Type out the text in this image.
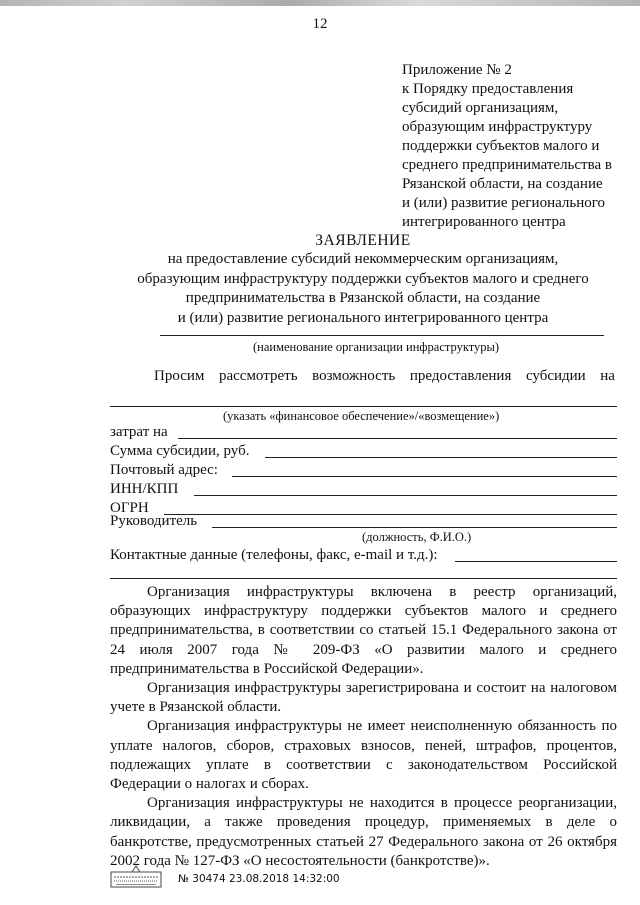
12
Приложение № 2
к Порядку предоставления
субсидий организациям,
образующим инфраструктуру
поддержки субъектов малого и
среднего предпринимательства в
Рязанской области, на создание
и (или) развитие регионального
интегрированного центра
ЗАЯВЛЕНИЕ
на предоставление субсидий некоммерческим организациям,
образующим инфраструктуру поддержки субъектов малого и среднего
предпринимательства в Рязанской области, на создание
и (или) развитие регионального интегрированного центра
(наименование организации инфраструктуры)
Просим рассмотреть возможность предоставления субсидии на
(указать «финансовое обеспечение»/«возмещение»)
затрат на
Сумма субсидии, руб.
Почтовый адрес:
ИНН/КПП
ОГРН
Руководитель
(должность, Ф.И.О.)
Контактные данные (телефоны, факс, e-mail и т.д.):

Организация инфраструктуры включена в реестр организаций, образующих инфраструктуру поддержки субъектов малого и среднего предпринимательства, в соответствии со статьей 15.1 Федерального закона от 24 июля 2007 года № 209-ФЗ «О развитии малого и среднего предпринимательства в Российской Федерации».

Организация инфраструктуры зарегистрирована и состоит на налоговом учете в Рязанской области.

Организация инфраструктуры не имеет неисполненную обязанность по уплате налогов, сборов, страховых взносов, пеней, штрафов, процентов, подлежащих уплате в соответствии с законодательством Российской Федерации о налогах и сборах.

Организация инфраструктуры не находится в процессе реорганизации, ликвидации, а также проведения процедур, применяемых в деле о банкротстве, предусмотренных статьей 27 Федерального закона от 26 октября 2002 года № 127-ФЗ «О несостоятельности (банкротстве)».

№ 30474 23.08.2018 14:32:00
